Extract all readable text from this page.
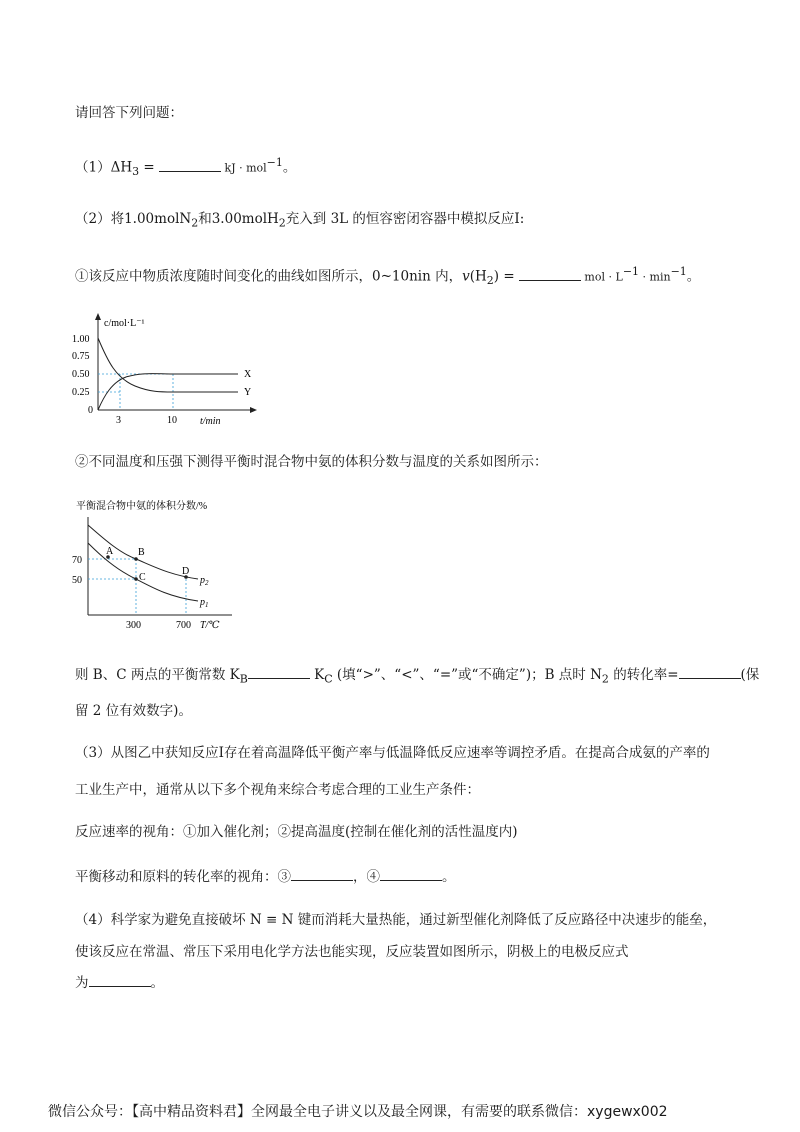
请回答下列问题：
$(1)\Delta H_3$ =	kJ · mol$^{-1}$。
（2）将1.00molN$_2$和3.00molH$_2$充入到 3L 的恒容密闭容器中模拟反应I:
①该反应中物质浓度随时间变化的曲线如图所示，0~10nin 内，$v(H_2)$ =	mol · $L^{-1} \cdot \min^{-1}$。
c/mol·L⁻¹
t/min
1.00
0.75
0.50
0.25
0
3	10
X
Y
②不同温度和压强下测得平衡时混合物中氨的体积分数与温度的关系如图所示：
平衡混合物中氨的体积分数/%
70
50
300	700 T/℃
A B
C
D
$p_2$
$p_1$
则 B、C 两点的平衡常数 $K_B$	$K_C$ (填“>”、“<”、“=”或“不确定”)；B 点时 $N_2$ 的转化率=	(保
留 2 位有效数字)。
（3）从图乙中获知反应I存在着高温降低平衡产率与低温降低反应速率等调控矛盾。在提高合成氨的产率的
工业生产中，通常从以下多个视角来综合考虑合理的工业生产条件：
反应速率的视角：①加入催化剂；②提高温度(控制在催化剂的活性温度内)
平衡移动和原料的转化率的视角：③	，④	。
（4）科学家为避免直接破坏 N ≡ N 键而消耗大量热能，通过新型催化剂降低了反应路径中决速步的能垒，
使该反应在常温、常压下采用电化学方法也能实现，反应装置如图所示，阴极上的电极反应式
为	。
微信公众号：【高中精品资料君】全网最全电子讲义以及最全网课，有需要的联系微信：xygewx002
